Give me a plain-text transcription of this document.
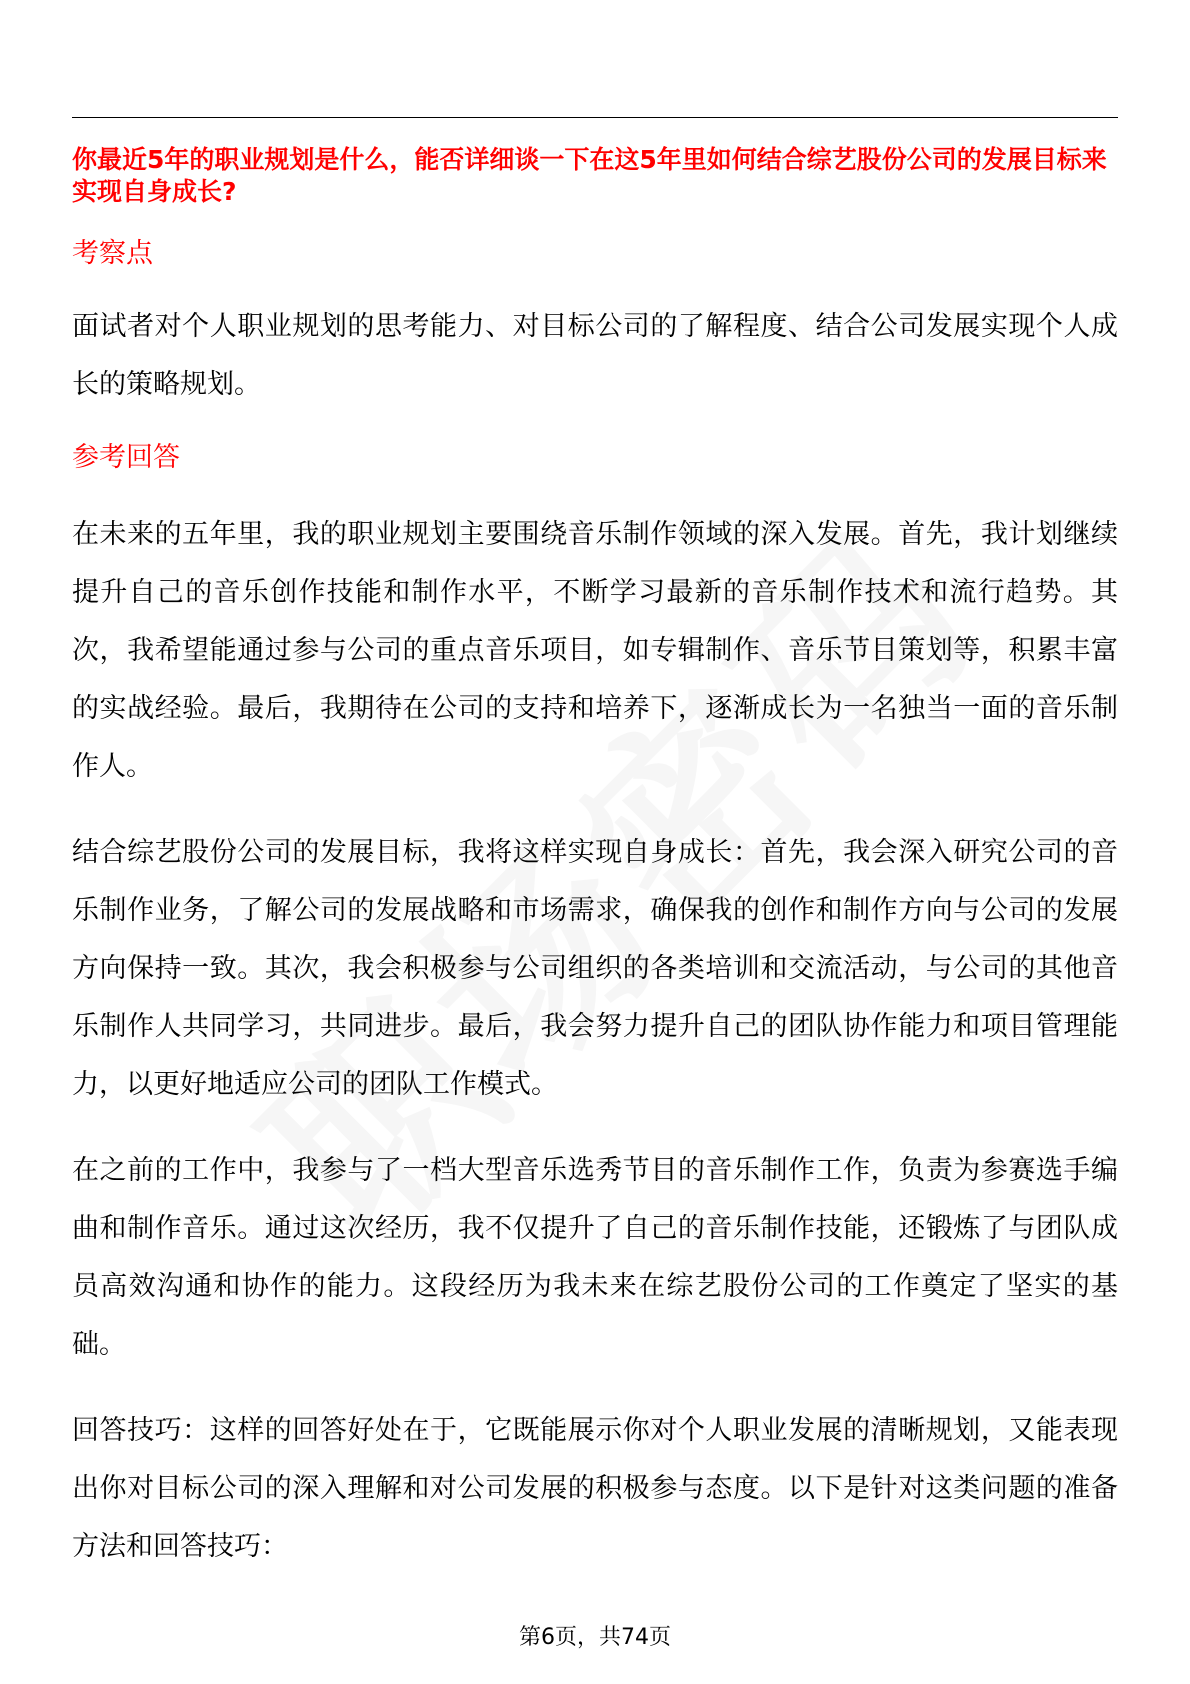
你最近5年的职业规划是什么，能否详细谈一下在这5年里如何结合综艺股份公司的发展目标来实现自身成长?

考察点

面试者对个人职业规划的思考能力、对目标公司的了解程度、结合公司发展实现个人成长的策略规划。

参考回答

在未来的五年里，我的职业规划主要围绕音乐制作领域的深入发展。首先，我计划继续提升自己的音乐创作技能和制作水平，不断学习最新的音乐制作技术和流行趋势。其次，我希望能通过参与公司的重点音乐项目，如专辑制作、音乐节目策划等，积累丰富的实战经验。最后，我期待在公司的支持和培养下，逐渐成长为一名独当一面的音乐制作人。

结合综艺股份公司的发展目标，我将这样实现自身成长：首先，我会深入研究公司的音乐制作业务，了解公司的发展战略和市场需求，确保我的创作和制作方向与公司的发展方向保持一致。其次，我会积极参与公司组织的各类培训和交流活动，与公司的其他音乐制作人共同学习，共同进步。最后，我会努力提升自己的团队协作能力和项目管理能力，以更好地适应公司的团队工作模式。

在之前的工作中，我参与了一档大型音乐选秀节目的音乐制作工作，负责为参赛选手编曲和制作音乐。通过这次经历，我不仅提升了自己的音乐制作技能，还锻炼了与团队成员高效沟通和协作的能力。这段经历为我未来在综艺股份公司的工作奠定了坚实的基础。

回答技巧：这样的回答好处在于，它既能展示你对个人职业发展的清晰规划，又能表现出你对目标公司的深入理解和对公司发展的积极参与态度。以下是针对这类问题的准备方法和回答技巧：

第6页，共74页
